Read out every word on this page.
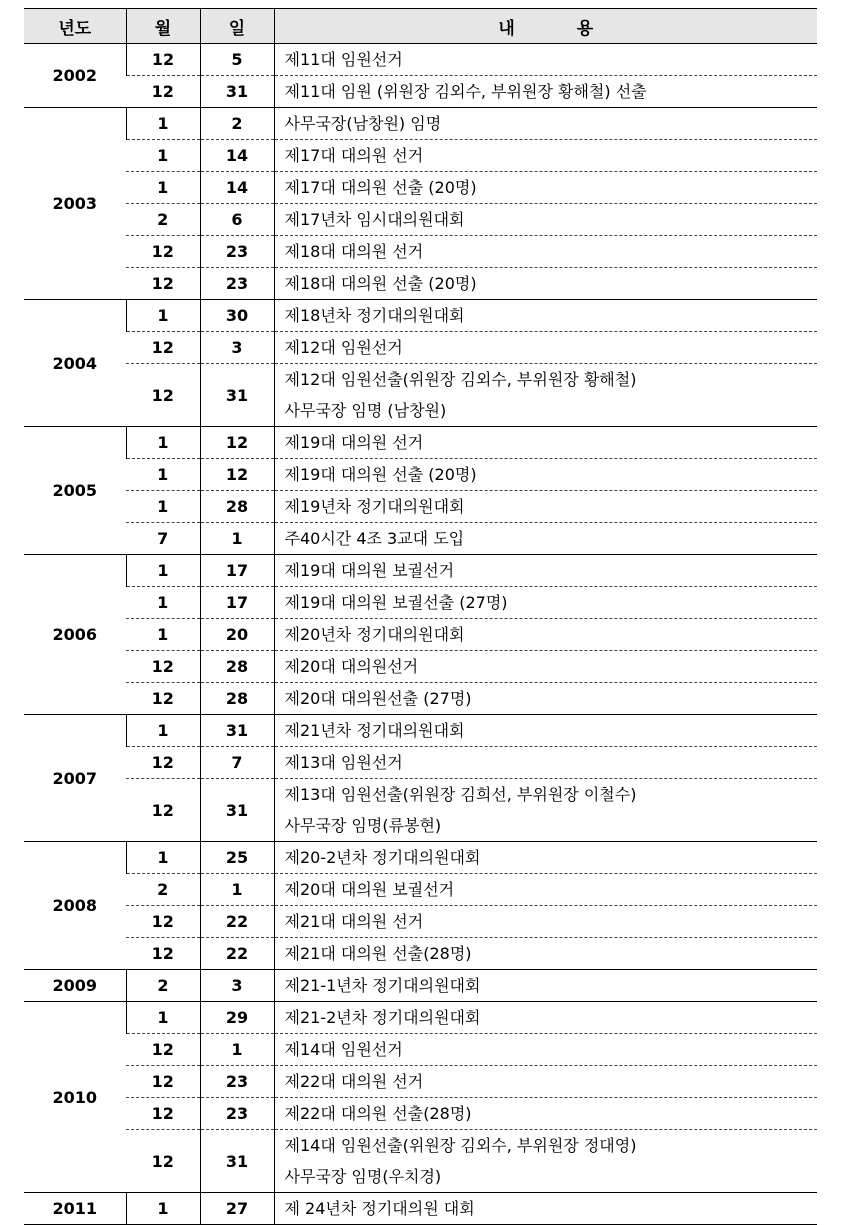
년도	월	일	내 용
2002	12	5	제11대 임원선거

	12	31	제11대 임원 (위원장 김외수, 부위원장 황해철) 선출

2003	1	2	사무국장(남창원) 임명

	1	14	제17대 대의원 선거

	1	14	제17대 대의원 선출 (20명)

	2	6	제17년차 임시대의원대회

	12	23	제18대 대의원 선거

	12	23	제18대 대의원 선출 (20명)

2004	1	30	제18년차 정기대의원대회

	12	3	제12대 임원선거

	12	31	제12대 임원선출(위원장 김외수, 부위원장 황해철)
사무국장 임명 (남창원)

2005	1	12	제19대 대의원 선거

	1	12	제19대 대의원 선출 (20명)

	1	28	제19년차 정기대의원대회

	7	1	주40시간 4조 3교대 도입

2006	1	17	제19대 대의원 보궐선거

	1	17	제19대 대의원 보궐선출 (27명)

	1	20	제20년차 정기대의원대회

	12	28	제20대 대의원선거

	12	28	제20대 대의원선출 (27명)

2007	1	31	제21년차 정기대의원대회

	12	7	제13대 임원선거

	12	31	제13대 임원선출(위원장 김희선, 부위원장 이철수)
사무국장 임명(류봉현)

2008	1	25	제20-2년차 정기대의원대회

	2	1	제20대 대의원 보궐선거

	12	22	제21대 대의원 선거

	12	22	제21대 대의원 선출(28명)

2009	2	3	제21-1년차 정기대의원대회

2010	1	29	제21-2년차 정기대의원대회

	12	1	제14대 임원선거

	12	23	제22대 대의원 선거

	12	23	제22대 대의원 선출(28명)

	12	31	제14대 임원선출(위원장 김외수, 부위원장 정대영)
사무국장 임명(우치경)

2011	1	27	제 24년차 정기대의원 대회
